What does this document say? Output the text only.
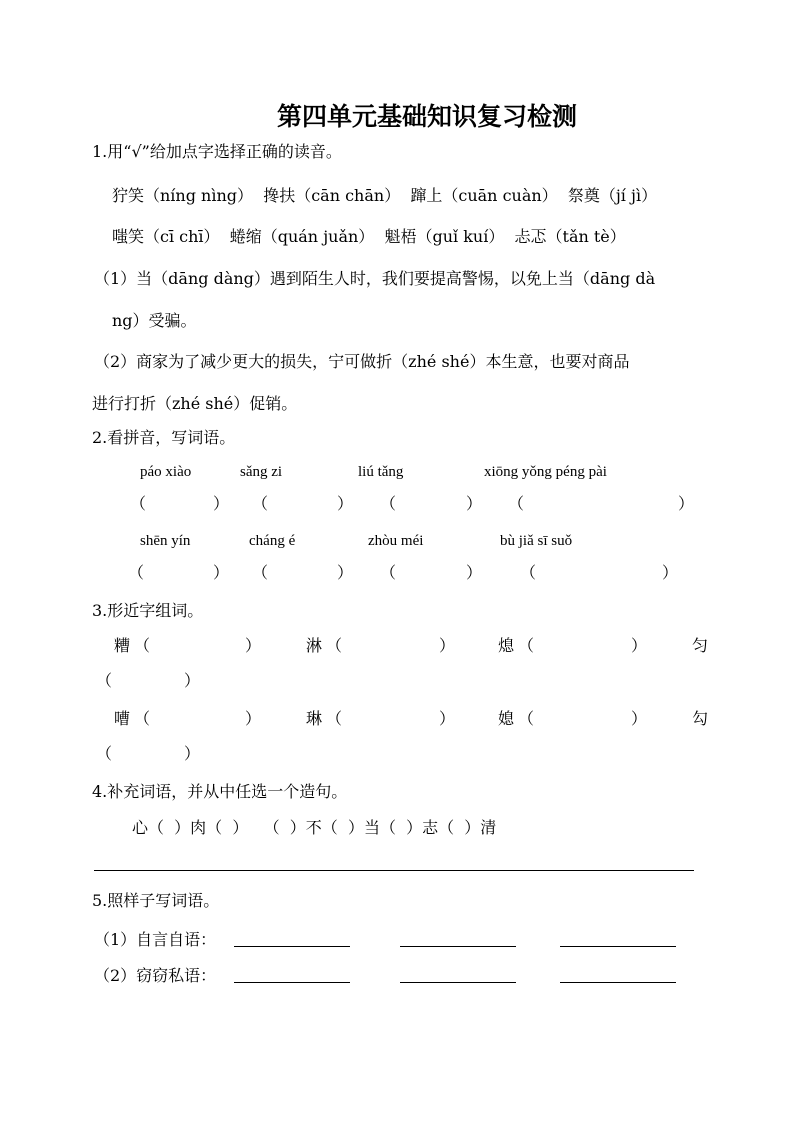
第四单元基础知识复习检测
1.用“√”给加点字选择正确的读音。
狞笑（níng nìng）  搀扶（cān chān）  蹿上（cuān cuàn）  祭奠（jí jì）
嗤笑（cī chī）  蜷缩（quán juǎn）  魁梧（guǐ kuí）  忐忑（tǎn tè）
（1）当（dāng dàng）遇到陌生人时，我们要提高警惕，以免上当（dāng dà
ng）受骗。
（2）商家为了减少更大的损失，宁可做折（zhé shé）本生意，也要对商品
进行打折（zhé shé）促销。
2.看拼音，写词语。
páo xiào	sǎng zi	liú tǎng	xiōng yǒng péng pài
（	） （	） （	） （	）
shēn yín	cháng é	zhòu méi	bù jiǎ sī suǒ
（	） （	） （	） （	）
3.形近字组词。
糟 （	）	淋 （	）	熄 （	）	匀
（	）
嘈 （	）	琳 （	）	媳 （	）	勾
（	）
4.补充词语，并从中任选一个造句。
心（  ）肉（  ）   （  ）不（  ）当（  ）志（  ）清
5.照样子写词语。
（1）自言自语：
（2）窃窃私语：
